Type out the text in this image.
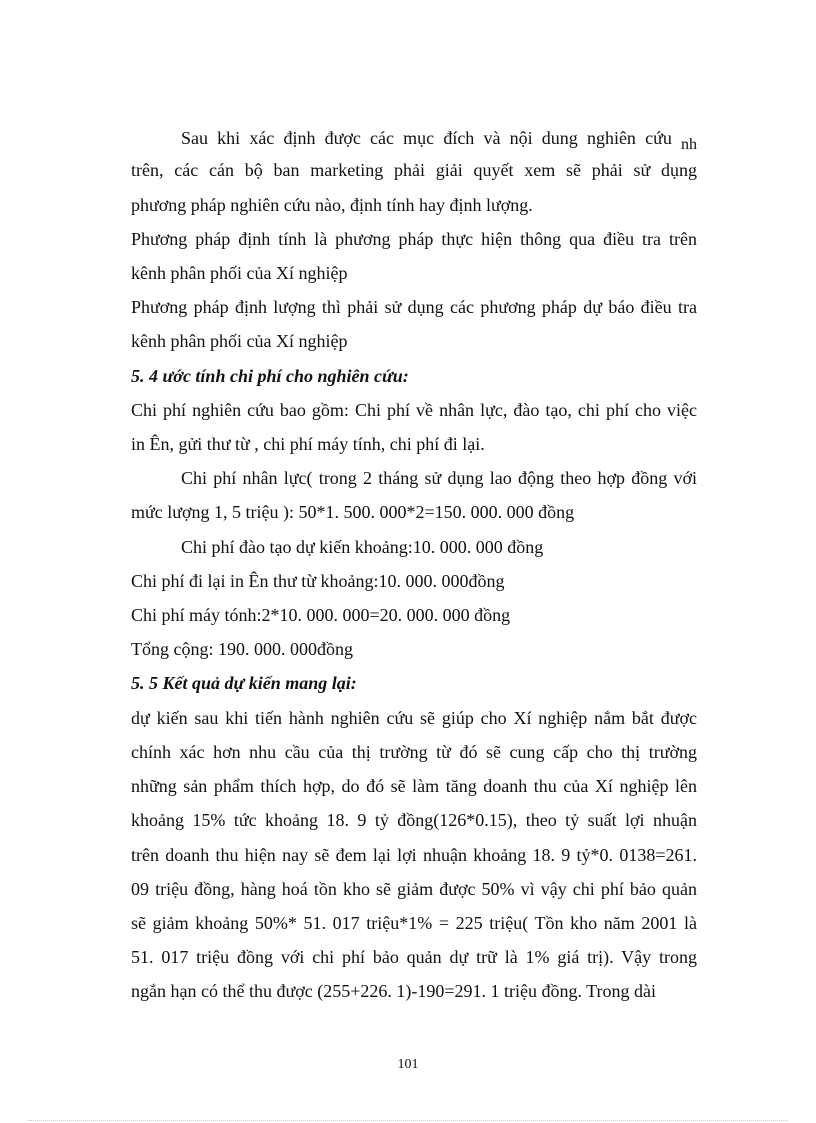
Sau khi xác định được các mục đích và nội dung nghiên cứu nh
trên, các cán bộ ban marketing phải giải quyết xem sẽ phải sử dụng
phương pháp nghiên cứu nào, định tính hay định lượng.
Phương pháp định tính là phương pháp thực hiện thông qua điều tra trên
kênh phân phối của Xí nghiệp
Phương pháp định lượng thì phải sử dụng các phương pháp dự báo điều tra
kênh phân phối của Xí nghiệp
5. 4 ước tính chi phí cho nghiên cứu:
Chi phí nghiên cứu bao gồm: Chi phí về nhân lực, đào tạo, chi phí cho việc
in Ên, gửi thư từ , chi phí máy tính, chi phí đi lại.
Chi phí nhân lực( trong 2 tháng sử dụng lao động theo hợp đồng với
mức lượng 1, 5 triệu ): 50*1. 500. 000*2=150. 000. 000 đồng
Chi phí đào tạo dự kiến khoảng:10. 000. 000 đồng
Chi phí đi lại in Ên thư từ khoảng:10. 000. 000đồng
Chi phí máy tónh:2*10. 000. 000=20. 000. 000 đồng
Tổng cộng: 190. 000. 000đồng
5. 5 Kết quả dự kiến mang lại:
dự kiến sau khi tiến hành nghiên cứu sẽ giúp cho Xí nghiệp nắm bắt được
chính xác hơn nhu cầu của thị trường từ đó sẽ cung cấp cho thị trường
những sản phẩm thích hợp, do đó sẽ làm tăng doanh thu của Xí nghiệp lên
khoảng 15% tức khoảng 18. 9 tỷ đồng(126*0.15), theo tỷ suất lợi nhuận
trên doanh thu hiện nay sẽ đem lại lợi nhuận khoảng 18. 9 tỷ*0. 0138=261.
09 triệu đồng, hàng hoá tồn kho sẽ giảm được 50% vì vậy chi phí bảo quản
sẽ giảm khoảng 50%* 51. 017 triệu*1% = 225 triệu( Tồn kho năm 2001 là
51. 017 triệu đồng với chi phí bảo quản dự trữ là 1% giá trị). Vậy trong
ngắn hạn có thể thu được (255+226. 1)-190=291. 1 triệu đồng. Trong dài
101
